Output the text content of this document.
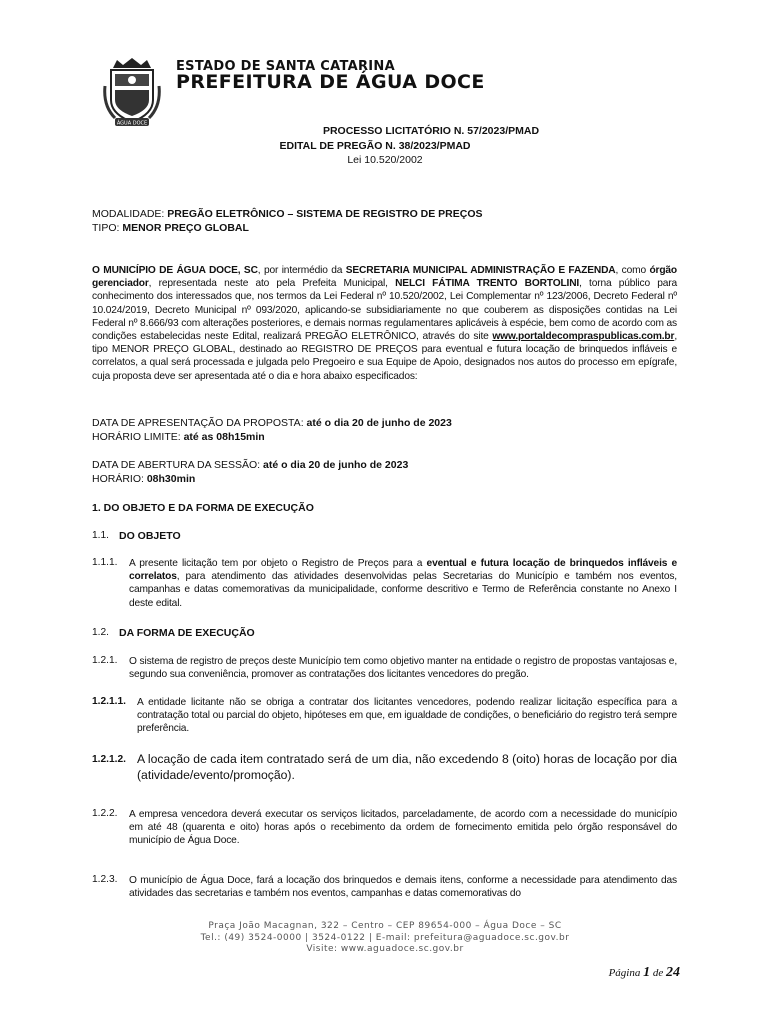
ÁGUA DOCE
ESTADO DE SANTA CATARINA
PREFEITURA DE ÁGUA DOCE
PROCESSO LICITATÓRIO N. 57/2023/PMAD
EDITAL DE PREGÃO N. 38/2023/PMAD
Lei 10.520/2002
MODALIDADE: PREGÃO ELETRÔNICO – SISTEMA DE REGISTRO DE PREÇOS
TIPO: MENOR PREÇO GLOBAL
O MUNICÍPIO DE ÁGUA DOCE, SC, por intermédio da SECRETARIA MUNICIPAL ADMINISTRAÇÃO E FAZENDA, como órgão gerenciador, representada neste ato pela Prefeita Municipal, NELCI FÁTIMA TRENTO BORTOLINI, torna público para conhecimento dos interessados que, nos termos da Lei Federal nº 10.520/2002, Lei Complementar nº 123/2006, Decreto Federal nº 10.024/2019, Decreto Municipal nº 093/2020, aplicando-se subsidiariamente no que couberem as disposições contidas na Lei Federal nº 8.666/93 com alterações posteriores, e demais normas regulamentares aplicáveis à espécie, bem como de acordo com as condições estabelecidas neste Edital, realizará PREGÃO ELETRÔNICO, através do site www.portaldecompraspublicas.com.br, tipo MENOR PREÇO GLOBAL, destinado ao REGISTRO DE PREÇOS para eventual e futura locação de brinquedos infláveis e correlatos, a qual será processada e julgada pelo Pregoeiro e sua Equipe de Apoio, designados nos autos do processo em epígrafe, cuja proposta deve ser apresentada até o dia e hora abaixo especificados:
DATA DE APRESENTAÇÃO DA PROPOSTA: até o dia 20 de junho de 2023
HORÁRIO LIMITE: até as 08h15min
DATA DE ABERTURA DA SESSÃO: até o dia 20 de junho de 2023
HORÁRIO: 08h30min
1. DO OBJETO E DA FORMA DE EXECUÇÃO
1.1. DO OBJETO
1.1.1. A presente licitação tem por objeto o Registro de Preços para a eventual e futura locação de brinquedos infláveis e correlatos, para atendimento das atividades desenvolvidas pelas Secretarias do Município e também nos eventos, campanhas e datas comemorativas da municipalidade, conforme descritivo e Termo de Referência constante no Anexo I deste edital.
1.2. DA FORMA DE EXECUÇÃO
1.2.1. O sistema de registro de preços deste Município tem como objetivo manter na entidade o registro de propostas vantajosas e, segundo sua conveniência, promover as contratações dos licitantes vencedores do pregão.
1.2.1.1. A entidade licitante não se obriga a contratar dos licitantes vencedores, podendo realizar licitação específica para a contratação total ou parcial do objeto, hipóteses em que, em igualdade de condições, o beneficiário do registro terá sempre preferência.
1.2.1.2. A locação de cada item contratado será de um dia, não excedendo 8 (oito) horas de locação por dia (atividade/evento/promoção).
1.2.2. A empresa vencedora deverá executar os serviços licitados, parceladamente, de acordo com a necessidade do município em até 48 (quarenta e oito) horas após o recebimento da ordem de fornecimento emitida pelo órgão responsável do município de Água Doce.
1.2.3. O município de Água Doce, fará a locação dos brinquedos e demais itens, conforme a necessidade para atendimento das atividades das secretarias e também nos eventos, campanhas e datas comemorativas do
Praça João Macagnan, 322 – Centro – CEP 89654-000 – Água Doce – SC
Tel.: (49) 3524-0000 | 3524-0122 | E-mail: prefeitura@aguadoce.sc.gov.br
Visite: www.aguadoce.sc.gov.br
Página 1 de 24
